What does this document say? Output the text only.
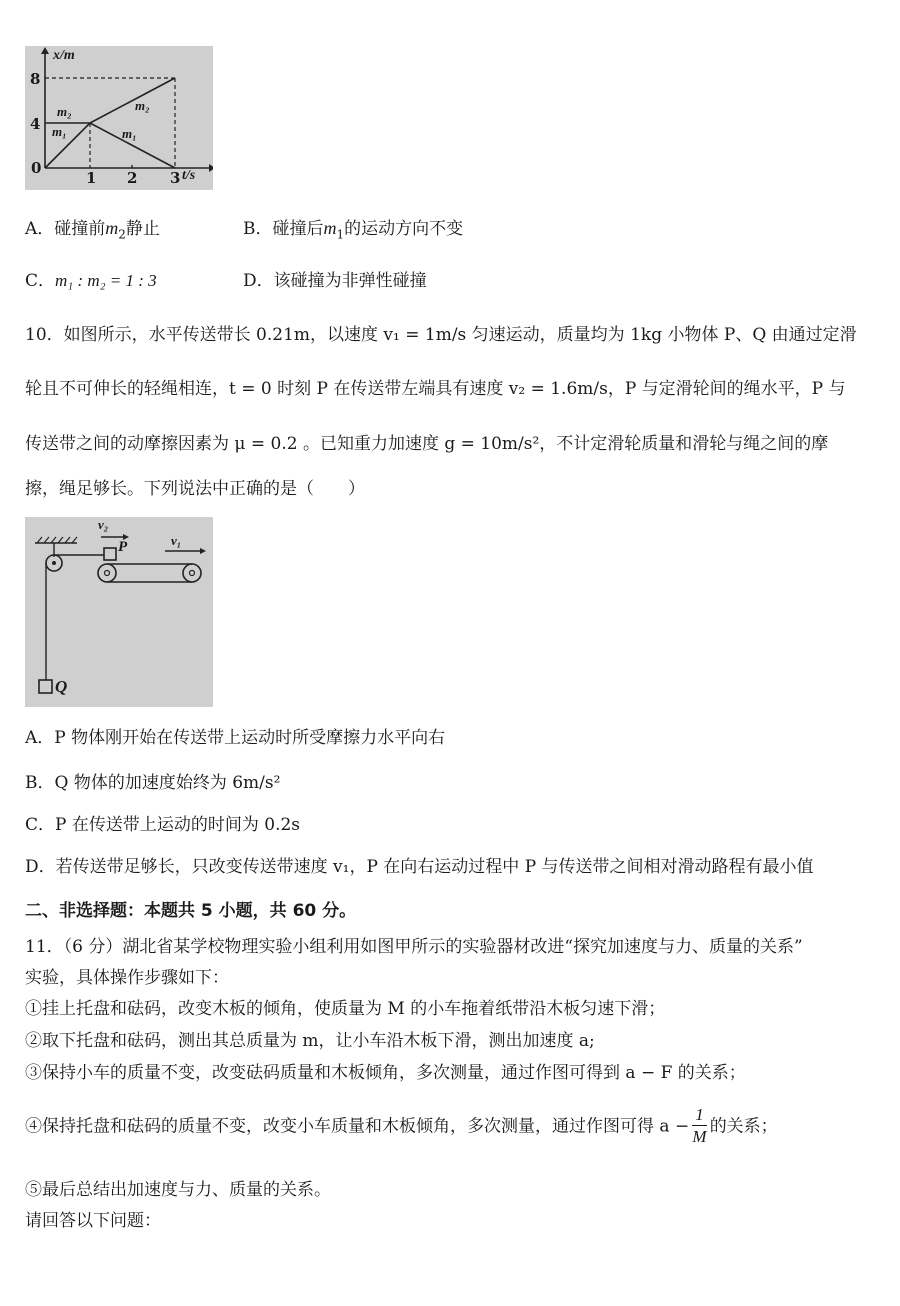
x/m
8
4
0
1 2 3 t/s
m₂
m₁
m₂
m₁
A．碰撞前$m_2$静止	B．碰撞后$m_1$的运动方向不变
C．m₁ : m₂ = 1 : 3	D．该碰撞为非弹性碰撞
10．如图所示，水平传送带长 0.21m，以速度 v₁ = 1m/s 匀速运动，质量均为 1kg 小物体 P、Q 由通过定滑
轮且不可伸长的轻绳相连，t = 0 时刻 P 在传送带左端具有速度 v₂ = 1.6m/s，P 与定滑轮间的绳水平，P 与
传送带之间的动摩擦因素为 μ = 0.2 。已知重力加速度 g = 10m/s²，不计定滑轮质量和滑轮与绳之间的摩
擦，绳足够长。下列说法中正确的是（　　）
v₂
P	v₁
Q
A．P 物体刚开始在传送带上运动时所受摩擦力水平向右
B．Q 物体的加速度始终为 6m/s²
C．P 在传送带上运动的时间为 0.2s
D．若传送带足够长，只改变传送带速度 v₁，P 在向右运动过程中 P 与传送带之间相对滑动路程有最小值
二、非选择题：本题共 5 小题，共 60 分。
11．（6 分）湖北省某学校物理实验小组利用如图甲所示的实验器材改进“探究加速度与力、质量的关系”
实验，具体操作步骤如下：
①挂上托盘和砝码，改变木板的倾角，使质量为 M 的小车拖着纸带沿木板匀速下滑；
②取下托盘和砝码，测出其总质量为 m，让小车沿木板下滑，测出加速度 a;
③保持小车的质量不变，改变砝码质量和木板倾角，多次测量，通过作图可得到 a − F 的关系；
④保持托盘和砝码的质量不变，改变小车质量和木板倾角，多次测量，通过作图可得 $a - \frac{1}{M}$ 的关系；
⑤最后总结出加速度与力、质量的关系。
请回答以下问题：
